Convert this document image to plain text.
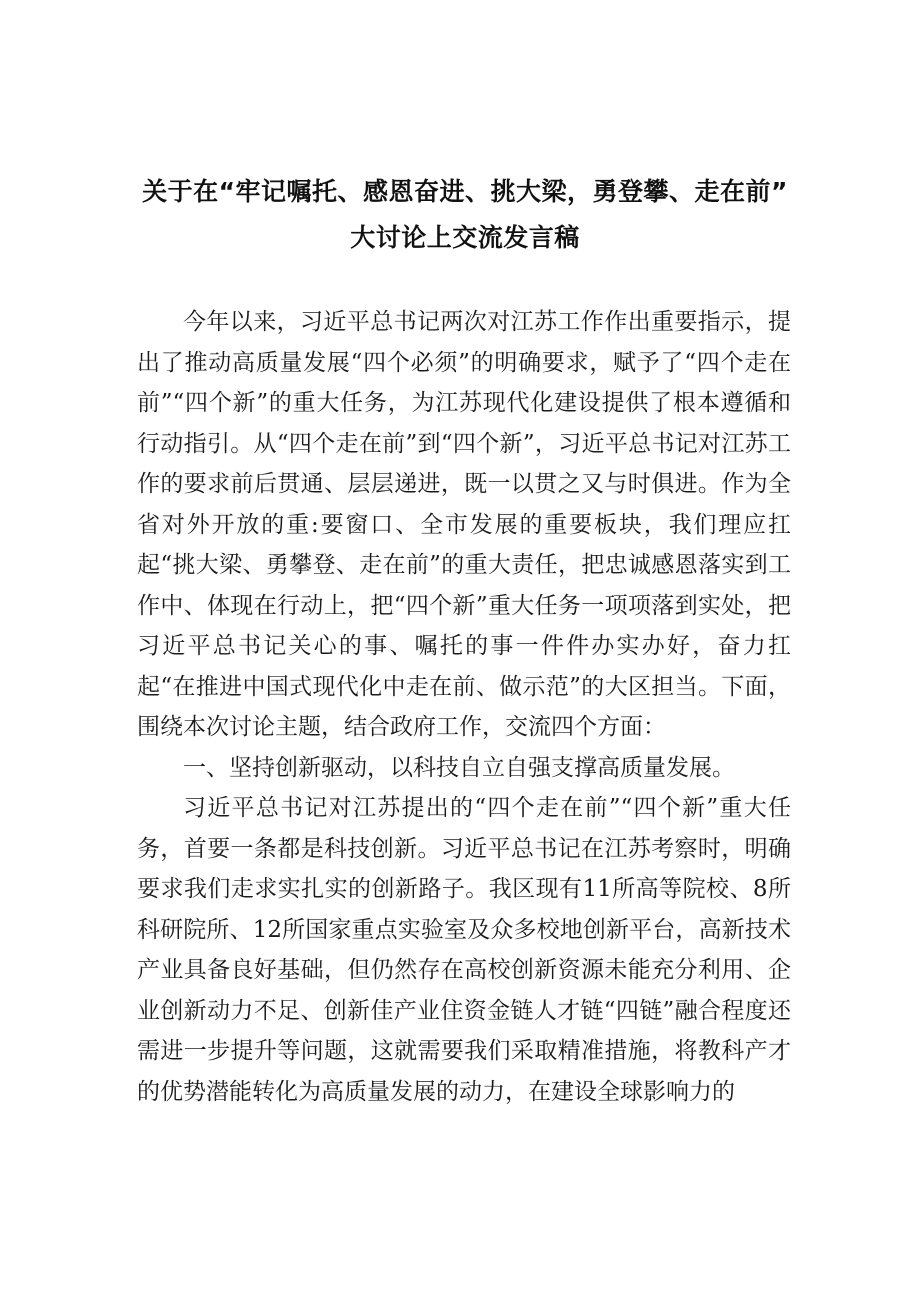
关于在“牢记嘱托、感恩奋进、挑大梁，勇登攀、走在前”
大讨论上交流发言稿

今年以来，习近平总书记两次对江苏工作作出重要指示，提出了推动高质量发展“四个必须”的明确要求，赋予了“四个走在前”“四个新”的重大任务，为江苏现代化建设提供了根本遵循和行动指引。从“四个走在前”到“四个新”，习近平总书记对江苏工作的要求前后贯通、层层递进，既一以贯之又与时俱进。作为全省对外开放的重:要窗口、全市发展的重要板块，我们理应扛起“挑大梁、勇攀登、走在前”的重大责任，把忠诚感恩落实到工作中、体现在行动上，把“四个新”重大任务一项项落到实处，把习近平总书记关心的事、嘱托的事一件件办实办好，奋力扛起“在推进中国式现代化中走在前、做示范”的大区担当。下面，围绕本次讨论主题，结合政府工作，交流四个方面：

一、坚持创新驱动，以科技自立自强支撑高质量发展。

习近平总书记对江苏提出的“四个走在前”“四个新”重大任务，首要一条都是科技创新。习近平总书记在江苏考察时，明确要求我们走求实扎实的创新路子。我区现有11所高等院校、8所科研院所、12所国家重点实验室及众多校地创新平台，高新技术产业具备良好基础，但仍然存在高校创新资源未能充分利用、企业创新动力不足、创新佳产业住资金链人才链“四链”融合程度还需进一步提升等问题，这就需要我们采取精准措施，将教科产才的优势潜能转化为高质量发展的动力，在建设全球影响力的
